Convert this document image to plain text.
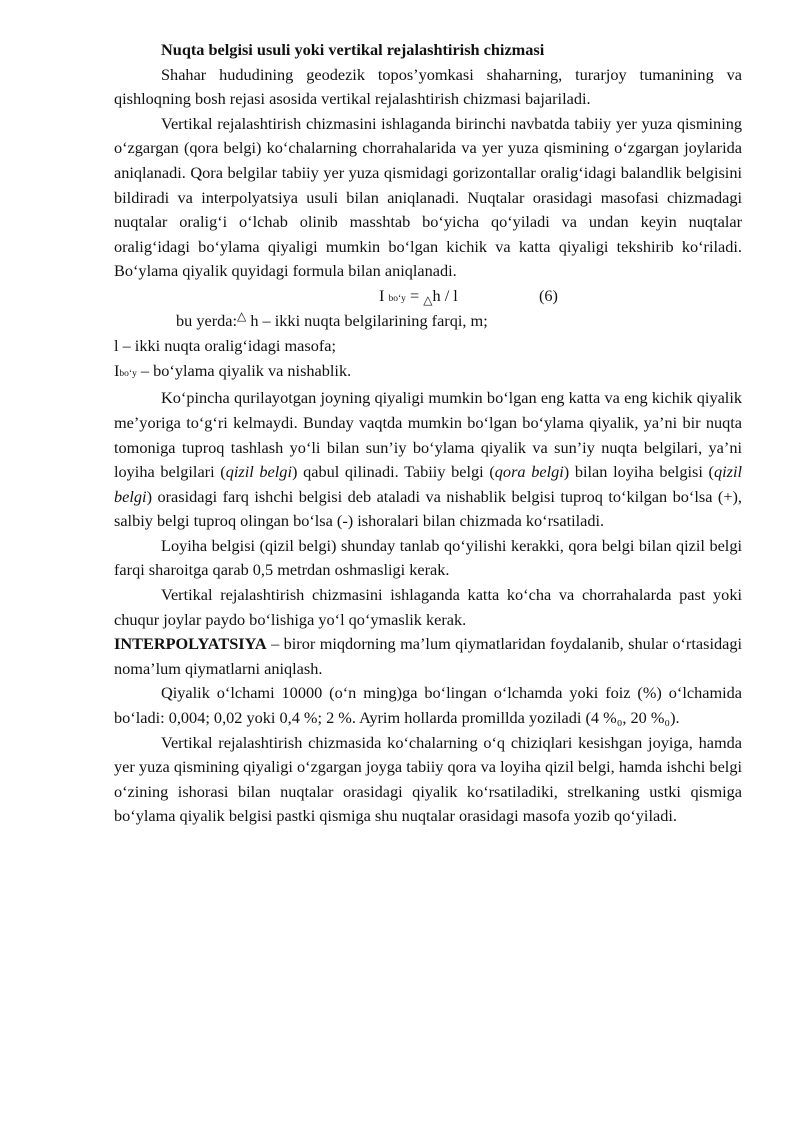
Nuqta belgisi usuli yoki vertikal rejalashtirish chizmasi

Shahar hududining geodezik topos’yomkasi shaharning, turarjoy tumanining va qishloqning bosh rejasi asosida vertikal rejalashtirish chizmasi bajariladi.

Vertikal rejalashtirish chizmasini ishlaganda birinchi navbatda tabiiy yer yuza qismining o‘zgargan (qora belgi) ko‘chalarning chorrahalarida va yer yuza qismining o‘zgargan joylarida aniqlanadi. Qora belgilar tabiiy yer yuza qismidagi gorizontallar oralig‘idagi balandlik belgisini bildiradi va interpolyatsiya usuli bilan aniqlanadi. Nuqtalar orasidagi masofasi chizmadagi nuqtalar oralig‘i o‘lchab olinib masshtab bo‘yicha qo‘yiladi va undan keyin nuqtalar oralig‘idagi bo‘ylama qiyaligi mumkin bo‘lgan kichik va katta qiyaligi tekshirib ko‘riladi. Bo‘ylama qiyalik quyidagi formula bilan aniqlanadi.

I bo‘y = △h / l	(6)

bu yerda:△ h – ikki nuqta belgilarining farqi, m;

l – ikki nuqta oralig‘idagi masofa;

Ibo‘y – bo‘ylama qiyalik va nishablik.

Ko‘pincha qurilayotgan joyning qiyaligi mumkin bo‘lgan eng katta va eng kichik qiyalik me’yoriga to‘g‘ri kelmaydi. Bunday vaqtda mumkin bo‘lgan bo‘ylama qiyalik, ya’ni bir nuqta tomoniga tuproq tashlash yo‘li bilan sun’iy bo‘ylama qiyalik va sun’iy nuqta belgilari, ya’ni loyiha belgilari (qizil belgi) qabul qilinadi. Tabiiy belgi (qora belgi) bilan loyiha belgisi (qizil belgi) orasidagi farq ishchi belgisi deb ataladi va nishablik belgisi tuproq to‘kilgan bo‘lsa (+), salbiy belgi tuproq olingan bo‘lsa (-) ishoralari bilan chizmada ko‘rsatiladi.

Loyiha belgisi (qizil belgi) shunday tanlab qo‘yilishi kerakki, qora belgi bilan qizil belgi farqi sharoitga qarab 0,5 metrdan oshmasligi kerak.

Vertikal rejalashtirish chizmasini ishlaganda katta ko‘cha va chorrahalarda past yoki chuqur joylar paydo bo‘lishiga yo‘l qo‘ymaslik kerak.

INTERPOLYATSIYA – biror miqdorning ma’lum qiymatlaridan foydalanib, shular o‘rtasidagi noma’lum qiymatlarni aniqlash.

Qiyalik o‘lchami 10000 (o‘n ming)ga bo‘lingan o‘lchamda yoki foiz (%) o‘lchamida bo‘ladi: 0,004; 0,02 yoki 0,4 %; 2 %. Ayrim hollarda promillda yoziladi (4 %₀, 20 %₀).

Vertikal rejalashtirish chizmasida ko‘chalarning o‘q chiziqlari kesishgan joyiga, hamda yer yuza qismining qiyaligi o‘zgargan joyga tabiiy qora va loyiha qizil belgi, hamda ishchi belgi o‘zining ishorasi bilan nuqtalar orasidagi qiyalik ko‘rsatiladiki, strelkaning ustki qismiga bo‘ylama qiyalik belgisi pastki qismiga shu nuqtalar orasidagi masofa yozib qo‘yiladi.
